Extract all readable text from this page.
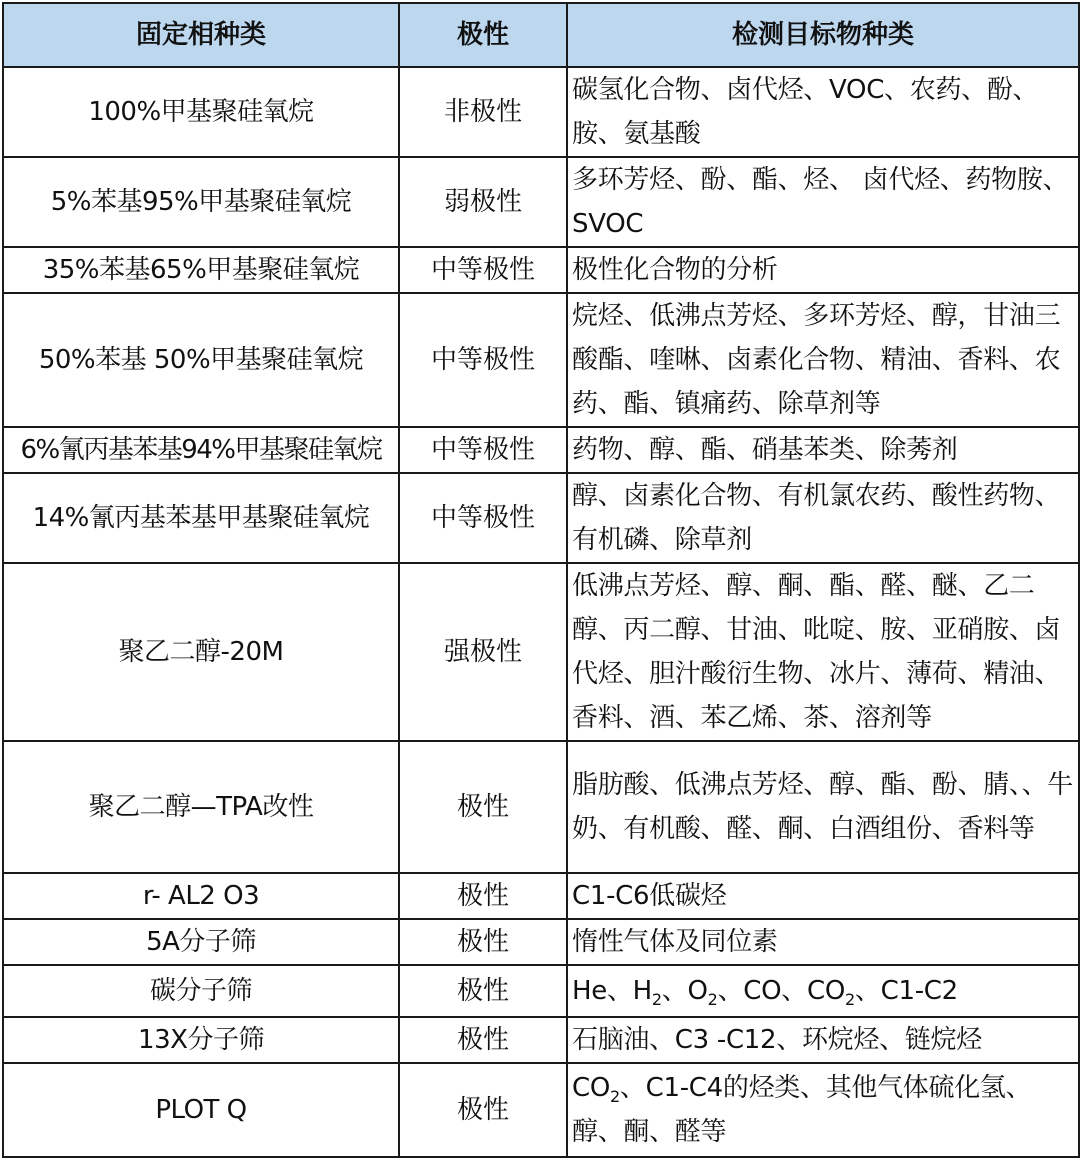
固定相种类	极性	检测目标物种类
100%甲基聚硅氧烷	非极性	碳氢化合物、卤代烃、VOC、农药、酚、胺、氨基酸
5%苯基95%甲基聚硅氧烷	弱极性	多环芳烃、酚、酯、烃、 卤代烃、药物胺、SVOC
35%苯基65%甲基聚硅氧烷	中等极性	极性化合物的分析
50%苯基 50%甲基聚硅氧烷	中等极性	烷烃、低沸点芳烃、多环芳烃、醇，甘油三酸酯、喹啉、卤素化合物、精油、香料、农药、酯、镇痛药、除草剂等
6%氰丙基苯基94%甲基聚硅氧烷	中等极性	药物、醇、酯、硝基苯类、除莠剂
14%氰丙基苯基甲基聚硅氧烷	中等极性	醇、卤素化合物、有机氯农药、酸性药物、有机磷、除草剂
聚乙二醇-20M	强极性	低沸点芳烃、醇、酮、酯、醛、醚、乙二醇、丙二醇、甘油、吡啶、胺、亚硝胺、卤代烃、胆汁酸衍生物、冰片、薄荷、精油、香料、酒、苯乙烯、茶、溶剂等
聚乙二醇—TPA改性	极性	脂肪酸、低沸点芳烃、醇、酯、酚、腈、、牛奶、有机酸、醛、酮、白酒组份、香料等
r- AL2 O3	极性	C1-C6低碳烃
5A分子筛	极性	惰性气体及同位素
碳分子筛	极性	He、$H_2$、$O_2$、CO、$CO_2$、C1-C2
13X分子筛	极性	石脑油、C3 -C12、环烷烃、链烷烃
PLOT Q	极性	$CO_2$、C1-C4的烃类、其他气体硫化氢、醇、酮、醛等
